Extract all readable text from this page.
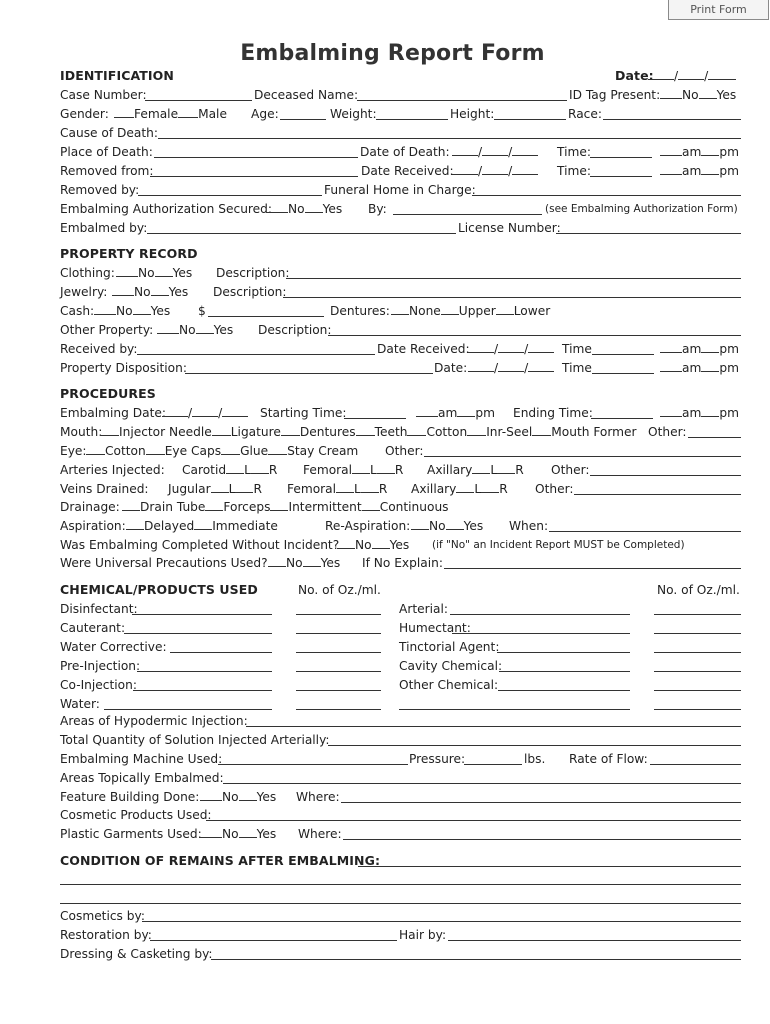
Print Form
Embalming Report Form
IDENTIFICATION	Date:	/ /
Case Number:	Deceased Name:	ID Tag Present:	No Yes
Gender:	Female Male Age:	Weight:	Height:	Race:
Cause of Death:
Place of Death:	Date of Death:	/ /	Time:	am pm
Removed from:	Date Received:	/ /	Time:	am pm
Removed by:	Funeral Home in Charge:
Embalming Authorization Secured:	No Yes By:	(see Embalming Authorization Form)
Embalmed by:	License Number:
PROPERTY RECORD
Clothing:	No Yes Description:
Jewelry:	No Yes Description:
Cash:	No Yes $	Dentures:	None Upper Lower
Other Property:	No Yes Description:
Received by:	Date Received:	/ /	Time	am pm
Property Disposition:	Date:	/ /	Time	am pm
PROCEDURES
Embalming Date:	/ /	Starting Time:	am pm Ending Time:	am pm
Mouth:	Injector Needle Ligature Dentures Teeth Cotton Inr-Seel Mouth Former Other:
Eye:	Cotton Eye Caps Glue Stay Cream Other:
Arteries Injected: Carotid L R Femoral L R Axillary L R Other:
Veins Drained: Jugular L R Femoral L R Axillary L R Other:
Drainage:	Drain Tube Forceps Intermittent Continuous
Aspiration:	Delayed Immediate	Re-Aspiration:	No Yes When:
Was Embalming Completed Without Incident?	No Yes (if "No" an Incident Report MUST be Completed)
Were Universal Precautions Used?	No Yes If No Explain:
CHEMICAL/PRODUCTS USED	No. of Oz./ml.	No. of Oz./ml.
Disinfectant:	Arterial:
Cauterant:	Humectant:
Water Corrective:	Tinctorial Agent:
Pre-Injection:	Cavity Chemical:
Co-Injection:	Other Chemical:
Water:
Areas of Hypodermic Injection:
Total Quantity of Solution Injected Arterially:
Embalming Machine Used:	Pressure:	lbs. Rate of Flow:
Areas Topically Embalmed:
Feature Building Done:	No Yes Where:
Cosmetic Products Used:
Plastic Garments Used:	No Yes Where:
CONDITION OF REMAINS AFTER EMBALMING:
Cosmetics by:
Restoration by:	Hair by:
Dressing & Casketing by:
